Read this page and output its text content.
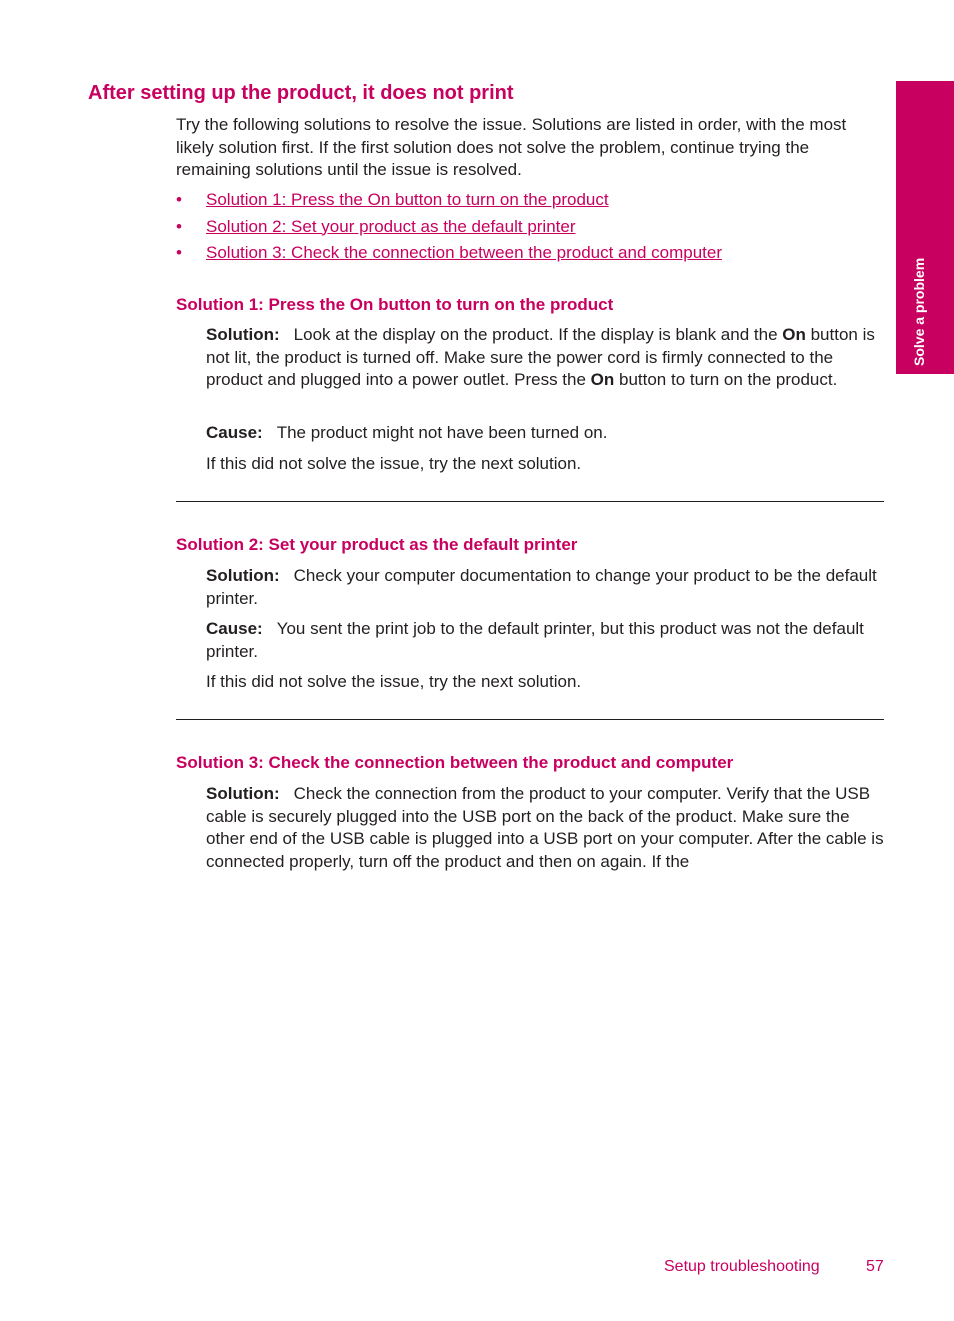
Solve a problem
After setting up the product, it does not print

Try the following solutions to resolve the issue. Solutions are listed in order, with the most likely solution first. If the first solution does not solve the problem, continue trying the remaining solutions until the issue is resolved.

• Solution 1: Press the On button to turn on the product
• Solution 2: Set your product as the default printer
• Solution 3: Check the connection between the product and computer
Solution 1: Press the On button to turn on the product

Solution: Look at the display on the product. If the display is blank and the On button is not lit, the product is turned off. Make sure the power cord is firmly connected to the product and plugged into a power outlet. Press the On button to turn on the product.

Cause: The product might not have been turned on.

If this did not solve the issue, try the next solution.

Solution 2: Set your product as the default printer

Solution: Check your computer documentation to change your product to be the default printer.

Cause: You sent the print job to the default printer, but this product was not the default printer.

If this did not solve the issue, try the next solution.

Solution 3: Check the connection between the product and computer

Solution: Check the connection from the product to your computer. Verify that the USB cable is securely plugged into the USB port on the back of the product. Make sure the other end of the USB cable is plugged into a USB port on your computer. After the cable is connected properly, turn off the product and then on again. If the

Setup troubleshooting	57
